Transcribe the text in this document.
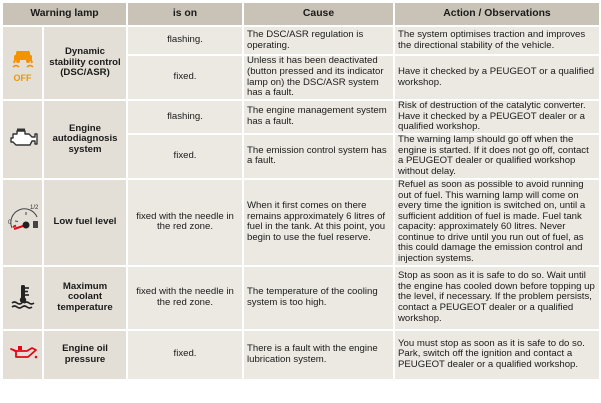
Warning lamp		is on	Cause	Action / Observations

OFF	Dynamic stability control (DSC/ASR)	flashing.	The DSC/ASR regulation is operating.	The system optimises traction and improves the directional stability of the vehicle.
		fixed.	Unless it has been deactivated (button pressed and its indicator lamp on) the DSC/ASR system has a fault.	Have it checked by a PEUGEOT or a qualified workshop.
	Engine autodiagnosis system	flashing.	The engine management system has a fault.	Risk of destruction of the catalytic converter. Have it checked by a PEUGEOT dealer or a qualified workshop.
		fixed.	The emission control system has a fault.	The warning lamp should go off when the engine is started. If it does not go off, contact a PEUGEOT dealer or qualified workshop without delay.

0
1/2	Low fuel level	fixed with the needle in the red zone.	When it first comes on there remains approximately 6 litres of fuel in the tank. At this point, you begin to use the fuel reserve.	Refuel as soon as possible to avoid running out of fuel. This warning lamp will come on every time the ignition is switched on, until a sufficient addition of fuel is made. Fuel tank capacity: approximately 60 litres. Never continue to drive until you run out of fuel, as this could damage the emission control and injection systems.
	Maximum coolant temperature	fixed with the needle in the red zone.	The temperature of the cooling system is too high.	Stop as soon as it is safe to do so. Wait until the engine has cooled down before topping up the level, if necessary. If the problem persists, contact a PEUGEOT dealer or a qualified workshop.
	Engine oil pressure	fixed.	There is a fault with the engine lubrication system.	You must stop as soon as it is safe to do so. Park, switch off the ignition and contact a PEUGEOT dealer or a qualified workshop.
